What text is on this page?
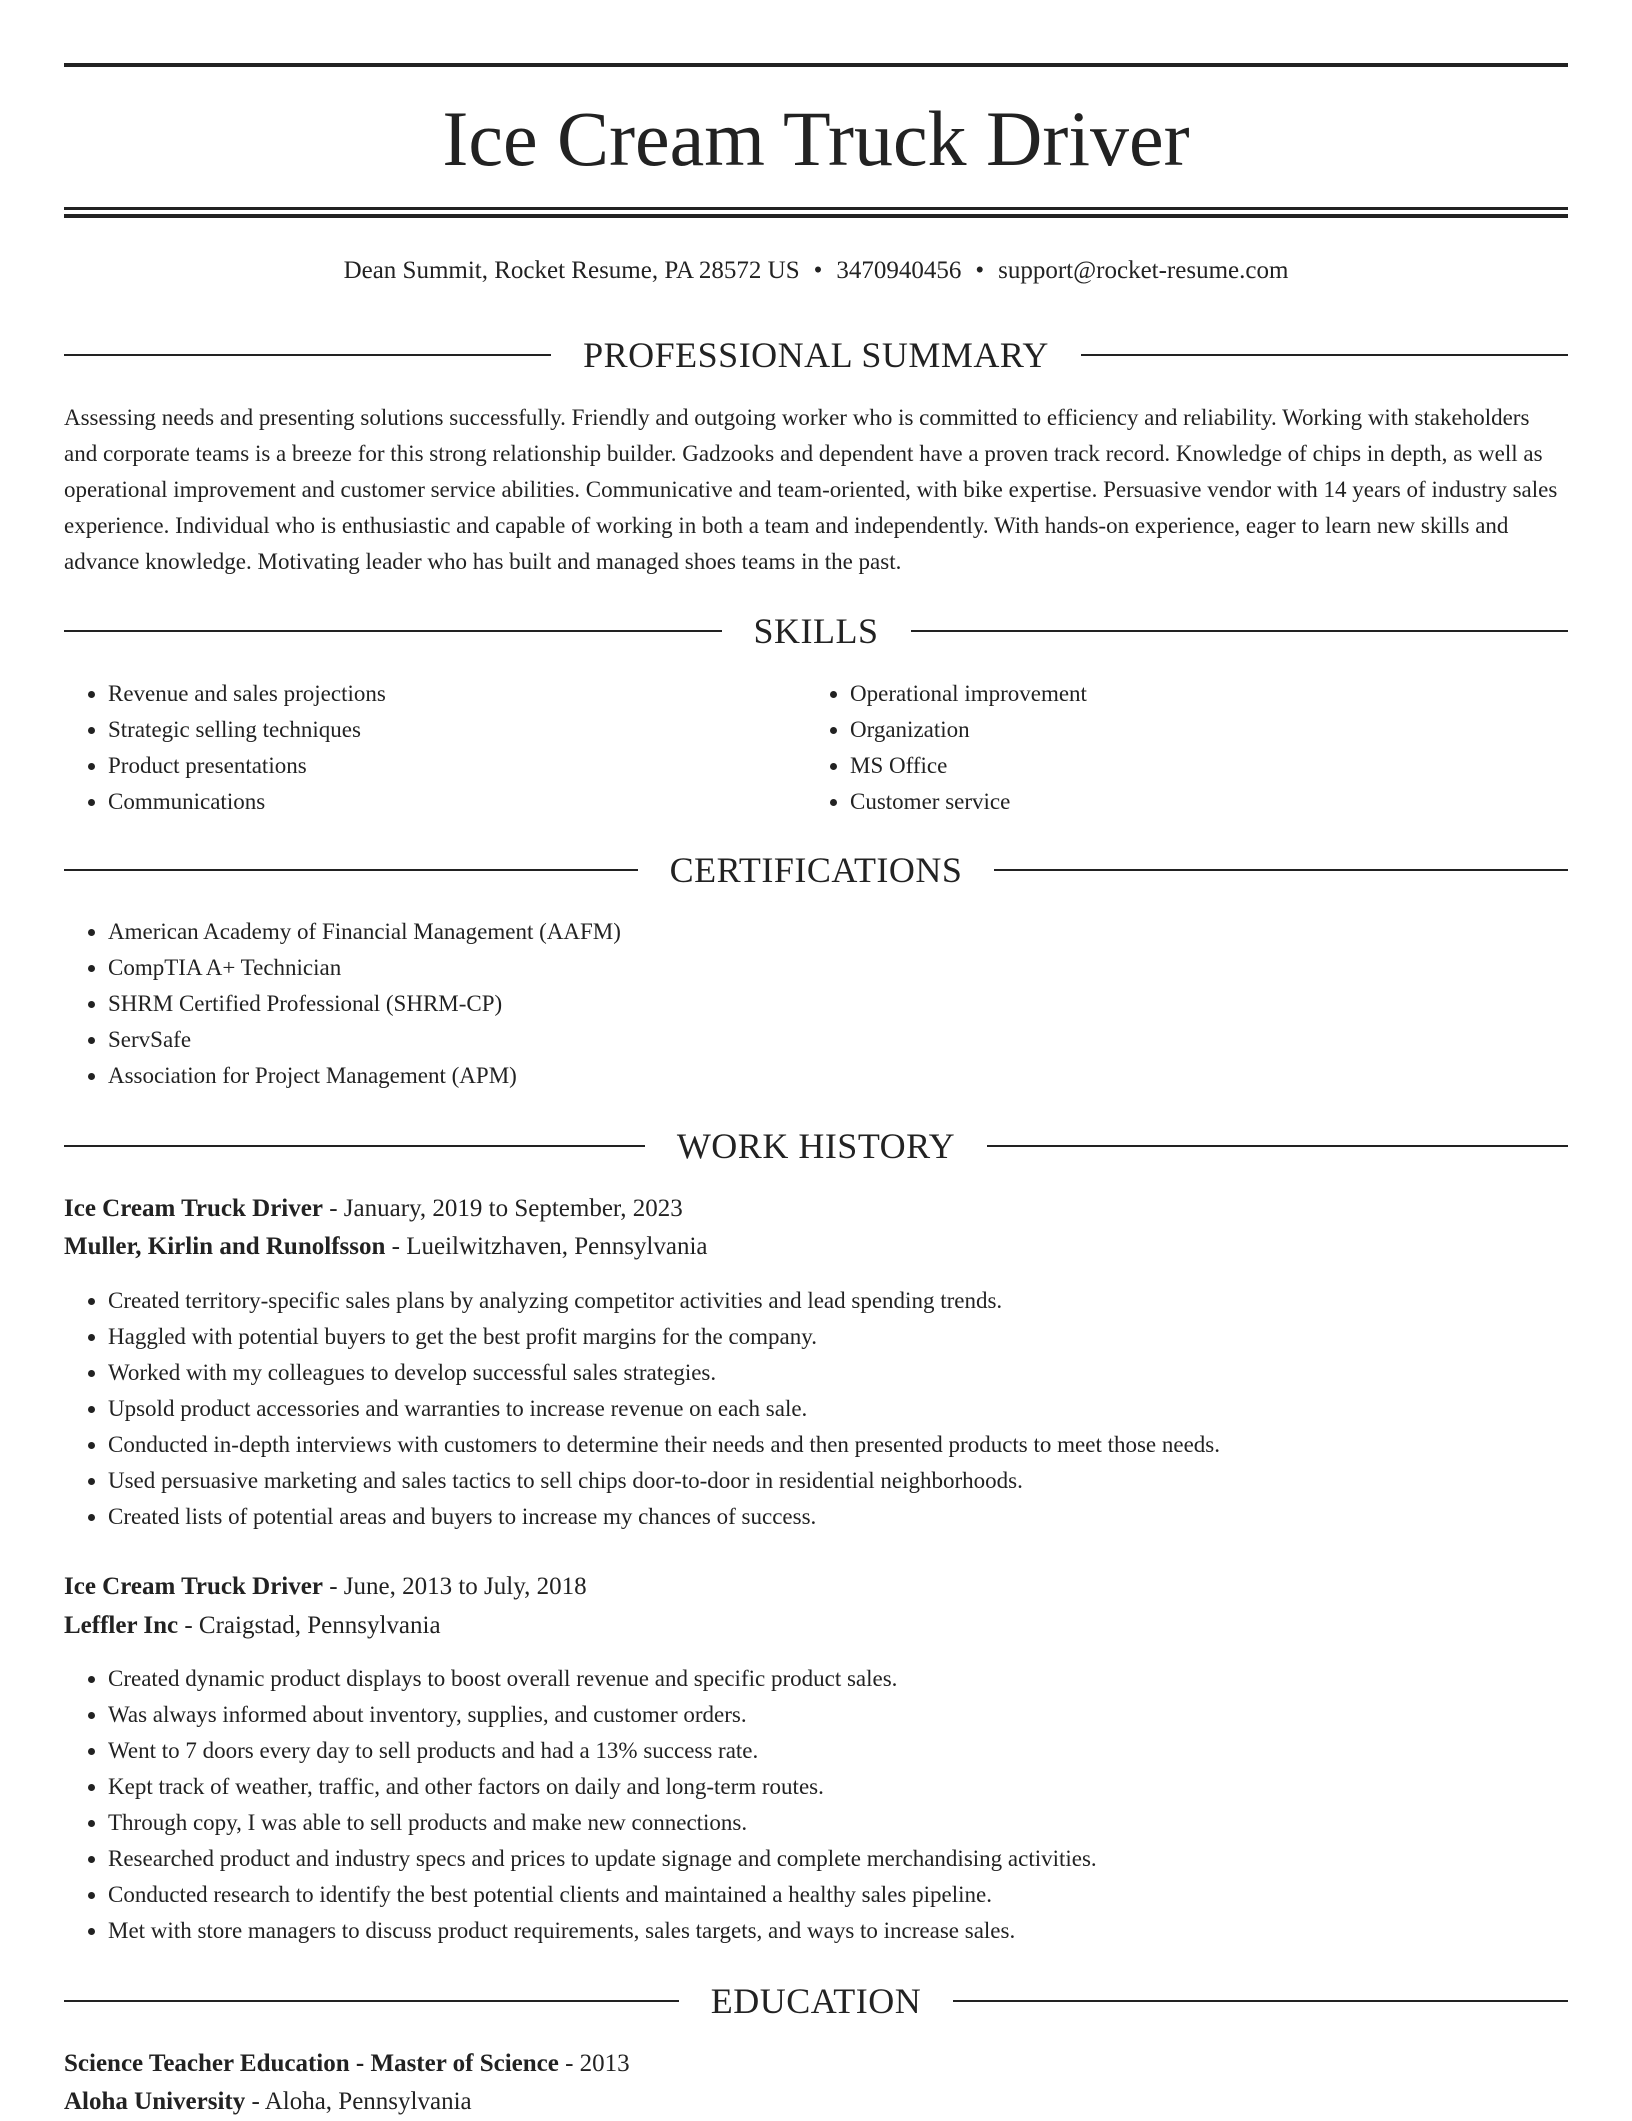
Ice Cream Truck Driver
Dean Summit, Rocket Resume, PA 28572 US • 3470940456 • support@rocket-resume.com
PROFESSIONAL SUMMARY

Assessing needs and presenting solutions successfully. Friendly and outgoing worker who is committed to efficiency and reliability. Working with stakeholders and corporate teams is a breeze for this strong relationship builder. Gadzooks and dependent have a proven track record. Knowledge of chips in depth, as well as operational improvement and customer service abilities. Communicative and team-oriented, with bike expertise. Persuasive vendor with 14 years of industry sales experience. Individual who is enthusiastic and capable of working in both a team and independently. With hands-on experience, eager to learn new skills and advance knowledge. Motivating leader who has built and managed shoes teams in the past.

SKILLS
• Revenue and sales projections
• Strategic selling techniques
• Product presentations
• Communications
• Operational improvement
• Organization
• MS Office
• Customer service
CERTIFICATIONS
• American Academy of Financial Management (AAFM)
• CompTIA A+ Technician
• SHRM Certified Professional (SHRM-CP)
• ServSafe
• Association for Project Management (APM)
WORK HISTORY
Ice Cream Truck Driver - January, 2019 to September, 2023
Muller, Kirlin and Runolfsson - Lueilwitzhaven, Pennsylvania
• Created territory-specific sales plans by analyzing competitor activities and lead spending trends.
• Haggled with potential buyers to get the best profit margins for the company.
• Worked with my colleagues to develop successful sales strategies.
• Upsold product accessories and warranties to increase revenue on each sale.
• Conducted in-depth interviews with customers to determine their needs and then presented products to meet those needs.
• Used persuasive marketing and sales tactics to sell chips door-to-door in residential neighborhoods.
• Created lists of potential areas and buyers to increase my chances of success.
Ice Cream Truck Driver - June, 2013 to July, 2018
Leffler Inc - Craigstad, Pennsylvania
• Created dynamic product displays to boost overall revenue and specific product sales.
• Was always informed about inventory, supplies, and customer orders.
• Went to 7 doors every day to sell products and had a 13% success rate.
• Kept track of weather, traffic, and other factors on daily and long-term routes.
• Through copy, I was able to sell products and make new connections.
• Researched product and industry specs and prices to update signage and complete merchandising activities.
• Conducted research to identify the best potential clients and maintained a healthy sales pipeline.
• Met with store managers to discuss product requirements, sales targets, and ways to increase sales.
EDUCATION
Science Teacher Education - Master of Science - 2013
Aloha University - Aloha, Pennsylvania
